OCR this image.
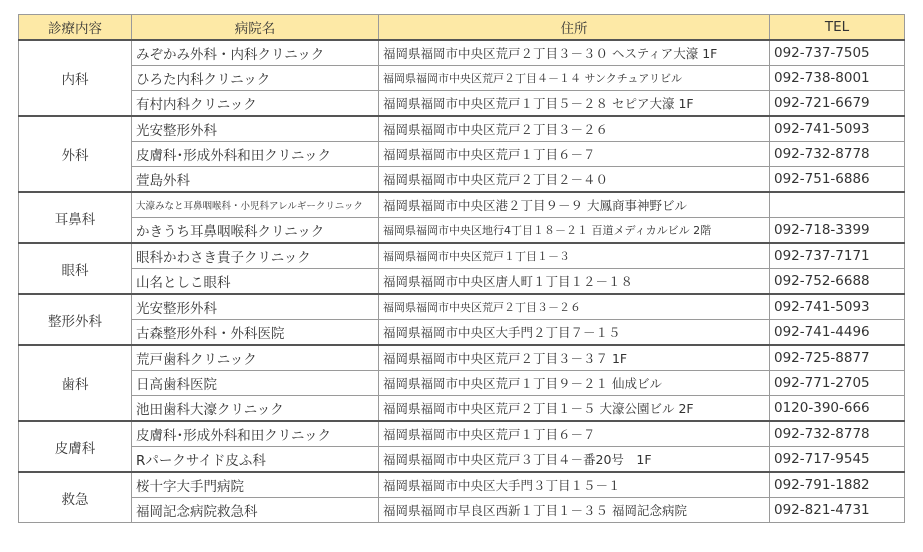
診療内容	病院名	住所	TEL
内科	みぞかみ外科・内科クリニック	福岡県福岡市中央区荒戸２丁目３－３０ ヘスティア大濠 1F	092-737-7505
	ひろた内科クリニック	福岡県福岡市中央区荒戸２丁目４－１４ サンクチュアリビル	092-738-8001
	有村内科クリニック	福岡県福岡市中央区荒戸１丁目５－２８ セピア大濠 1F	092-721-6679
外科	光安整形外科	福岡県福岡市中央区荒戸２丁目３－２６	092-741-5093
	皮膚科･形成外科和田クリニック	福岡県福岡市中央区荒戸１丁目６－７	092-732-8778
	萱島外科	福岡県福岡市中央区荒戸２丁目２－４０	092-751-6886
耳鼻科	大濠みなと耳鼻咽喉科・小児科アレルギークリニック	福岡県福岡市中央区港２丁目９－９ 大鳳商事神野ビル	
	かきうち耳鼻咽喉科クリニック	福岡県福岡市中央区地行4丁目１８－２１ 百道メディカルビル 2階	092-718-3399
眼科	眼科かわさき貴子クリニック	福岡県福岡市中央区荒戸１丁目１－３	092-737-7171
	山名としこ眼科	福岡県福岡市中央区唐人町１丁目１２－１８	092-752-6688
整形外科	光安整形外科	福岡県福岡市中央区荒戸２丁目３－２６	092-741-5093
	古森整形外科・外科医院	福岡県福岡市中央区大手門２丁目７－１５	092-741-4496
歯科	荒戸歯科クリニック	福岡県福岡市中央区荒戸２丁目３－３７ 1F	092-725-8877
	日高歯科医院	福岡県福岡市中央区荒戸１丁目９－２１ 仙成ビル	092-771-2705
	池田歯科大濠クリニック	福岡県福岡市中央区荒戸２丁目１－５ 大濠公園ビル 2F	0120-390-666
皮膚科	皮膚科･形成外科和田クリニック	福岡県福岡市中央区荒戸１丁目６－７	092-732-8778
	Rパークサイド皮ふ科	福岡県福岡市中央区荒戸３丁目４－番20号　1F	092-717-9545
救急	桜十字大手門病院	福岡県福岡市中央区大手門３丁目１５－１	092-791-1882
	福岡記念病院救急科	福岡県福岡市早良区西新１丁目１－３５ 福岡記念病院	092-821-4731
